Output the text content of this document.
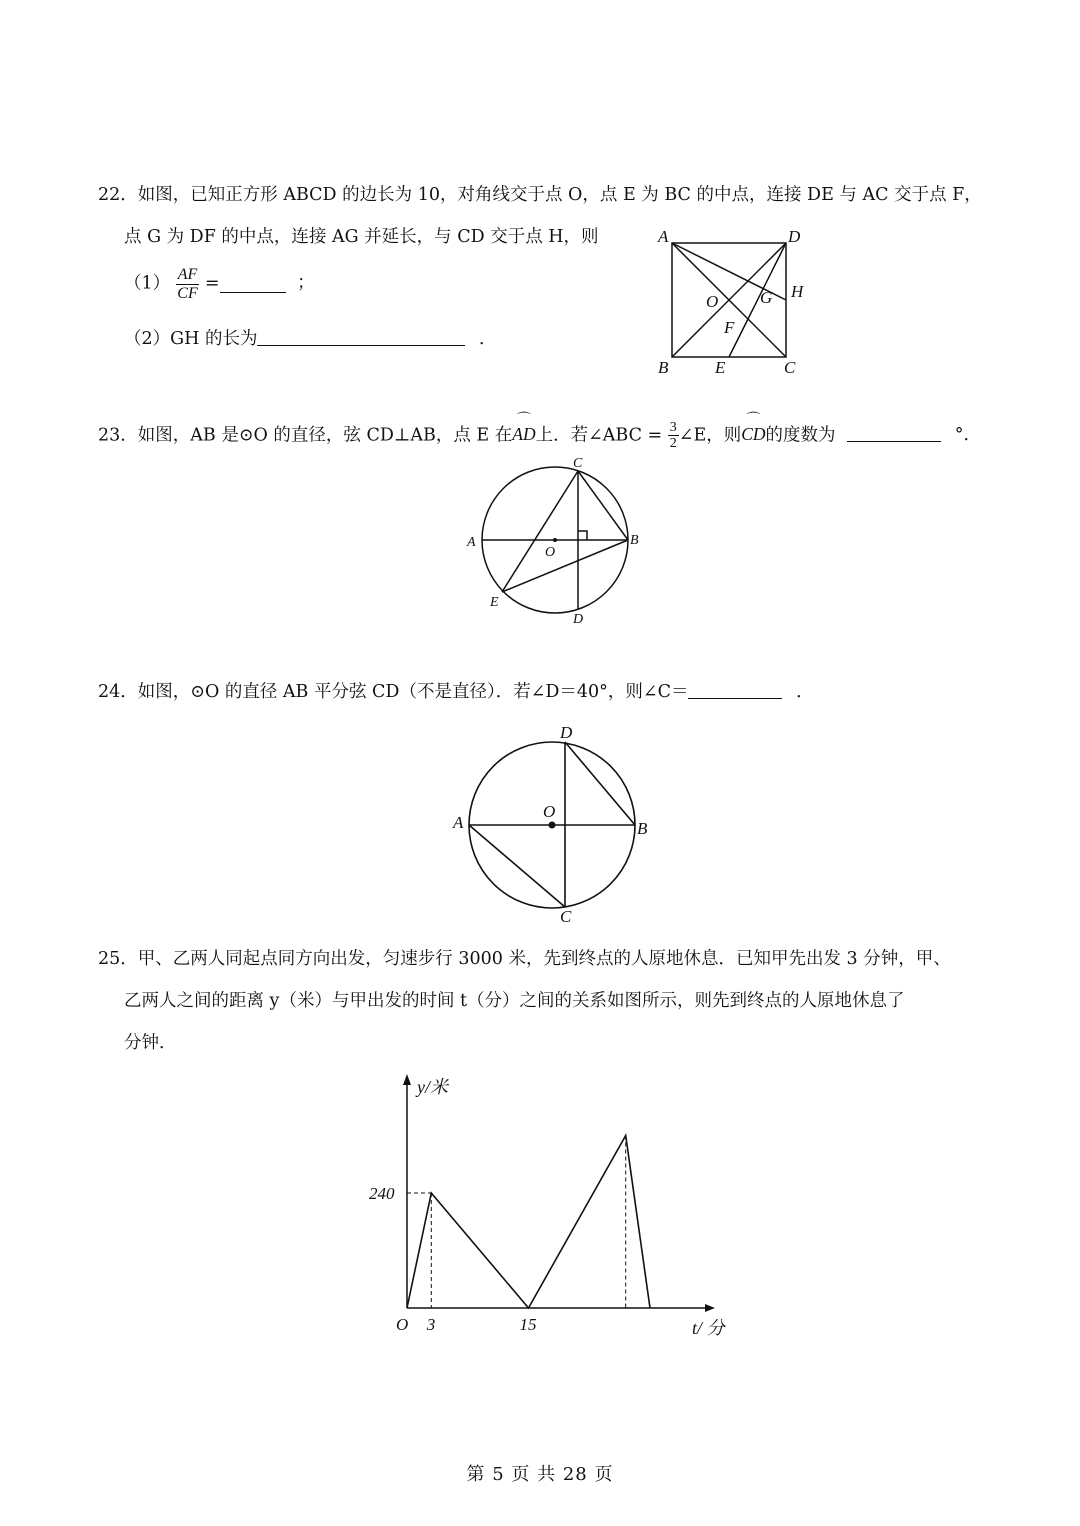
22．如图，已知正方形 ABCD 的边长为 10，对角线交于点 O，点 E 为 BC 的中点，连接 DE 与 AC 交于点 F，
点 G 为 DF 的中点，连接 AG 并延长，与 CD 交于点 H，则
$(1) \frac{AF}{CF}$ =	；
（2）GH 的长为	．
A	D
B	C
E
O G H
F
23．如图，AB 是⊙O 的直径，弦 CD⊥AB，点 E 在⌒ AD上．若∠ABC = $\frac{3}{2}$ ∠E，则⌒ CD的度数为	°．
C
A	B
O
E
D
24．如图，⊙O 的直径 AB 平分弦 CD（不是直径）．若∠D＝40°，则∠C＝	．
D
A	B
O
C
25．甲、乙两人同起点同方向出发，匀速步行 3000 米，先到终点的人原地休息．已知甲先出发 3 分钟，甲、
乙两人之间的距离 y（米）与甲出发的时间 t（分）之间的关系如图所示，则先到终点的人原地休息了
分钟．
240
3	15
O
y/米
t/ 分
第 5 页 共 28 页
